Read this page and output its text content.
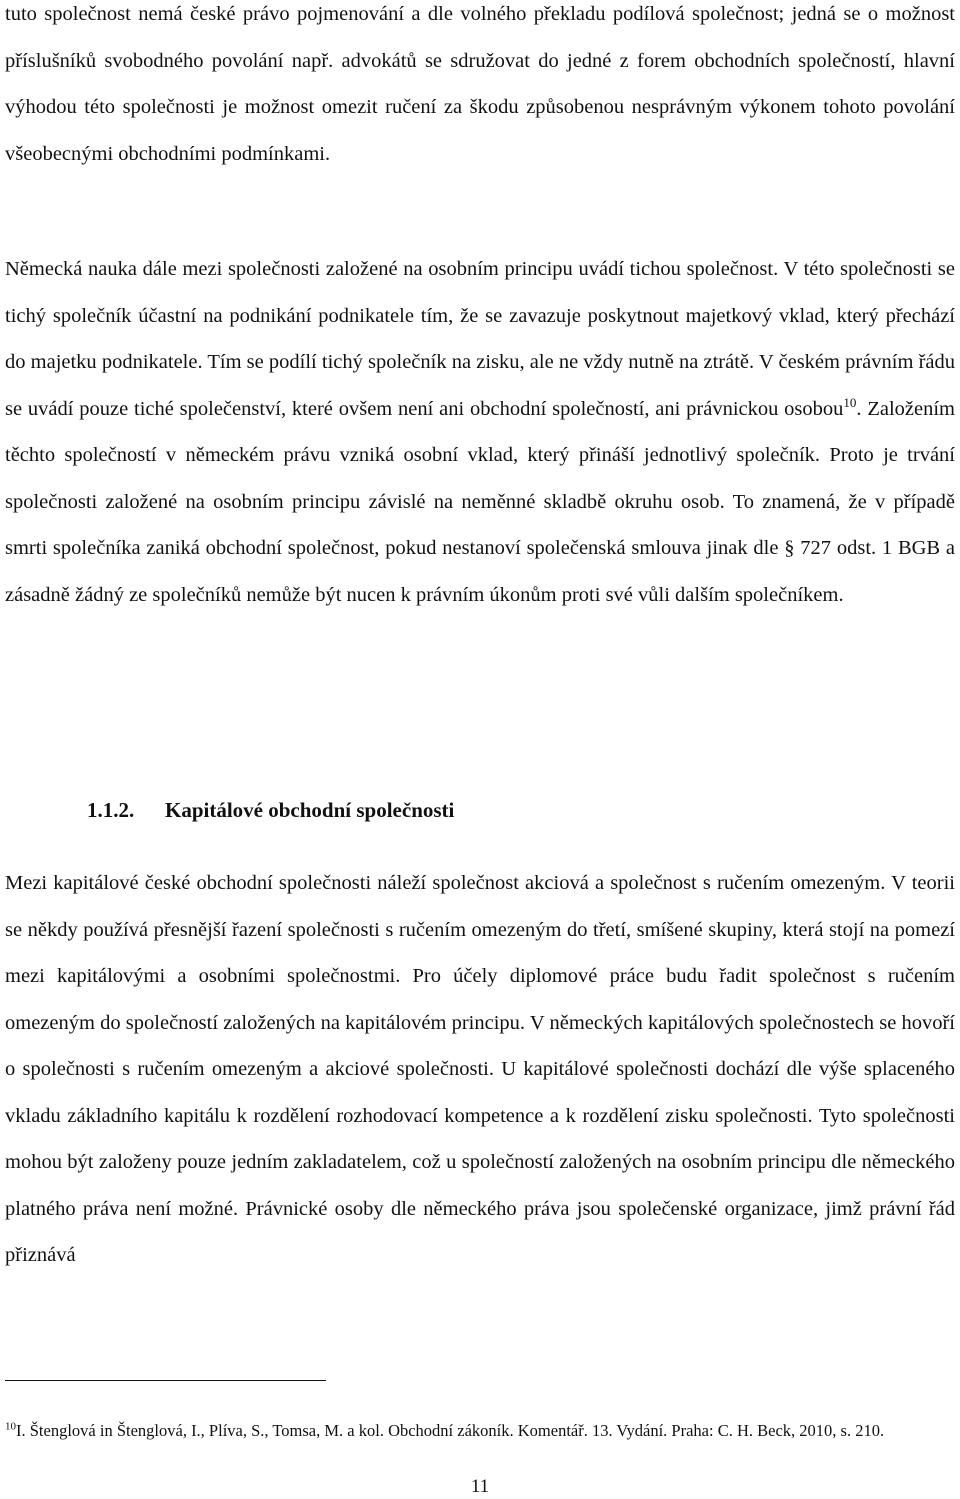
tuto společnost nemá české právo pojmenování a dle volného překladu podílová společnost; jedná se o možnost příslušníků svobodného povolání např. advokátů se sdružovat do jedné z forem obchodních společností, hlavní výhodou této společnosti je možnost omezit ručení za škodu způsobenou nesprávným výkonem tohoto povolání všeobecnými obchodními podmínkami.

Německá nauka dále mezi společnosti založené na osobním principu uvádí tichou společnost. V této společnosti se tichý společník účastní na podnikání podnikatele tím, že se zavazuje poskytnout majetkový vklad, který přechází do majetku podnikatele. Tím se podílí tichý společník na zisku, ale ne vždy nutně na ztrátě. V českém právním řádu se uvádí pouze tiché společenství, které ovšem není ani obchodní společností, ani právnickou osobou$^{10}$. Založením těchto společností v německém právu vzniká osobní vklad, který přináší jednotlivý společník. Proto je trvání společnosti založené na osobním principu závislé na neměnné skladbě okruhu osob. To znamená, že v případě smrti společníka zaniká obchodní společnost, pokud nestanoví společenská smlouva jinak dle § 727 odst. 1 BGB a zásadně žádný ze společníků nemůže být nucen k právním úkonům proti své vůli dalším společníkem.

1.1.2. Kapitálové obchodní společnosti

Mezi kapitálové české obchodní společnosti náleží společnost akciová a společnost s ručením omezeným. V teorii se někdy používá přesnější řazení společnosti s ručením omezeným do třetí, smíšené skupiny, která stojí na pomezí mezi kapitálovými a osobními společnostmi. Pro účely diplomové práce budu řadit společnost s ručením omezeným do společností založených na kapitálovém principu. V německých kapitálových společnostech se hovoří o společnosti s ručením omezeným a akciové společnosti. U kapitálové společnosti dochází dle výše splaceného vkladu základního kapitálu k rozdělení rozhodovací kompetence a k rozdělení zisku společnosti. Tyto společnosti mohou být založeny pouze jedním zakladatelem, což u společností založených na osobním principu dle německého platného práva není možné. Právnické osoby dle německého práva jsou společenské organizace, jimž právní řád přiznává

$^{10}$I. Štenglová in Štenglová, I., Plíva, S., Tomsa, M. a kol. Obchodní zákoník. Komentář. 13. Vydání. Praha: C. H. Beck, 2010, s. 210.

11
